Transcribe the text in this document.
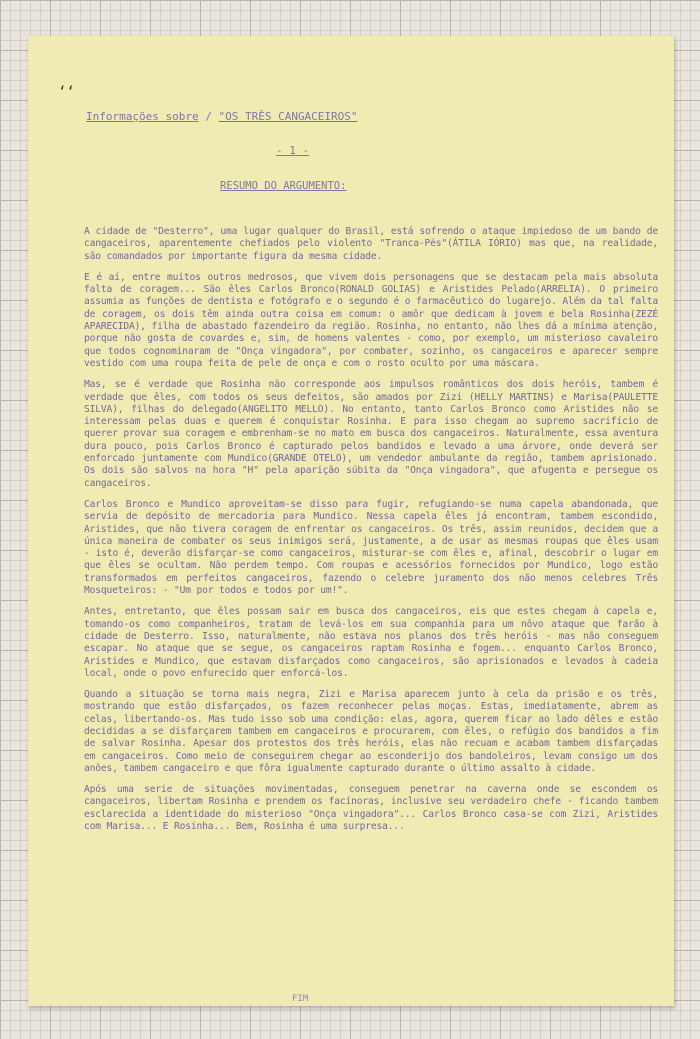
ʻʻ
Informações sobre / "OS TRÊS CANGACEIROS"
- 1 -
RESUMO DO ARGUMENTO:

A cidade de "Desterro", uma lugar qualquer do Brasil, está sofrendo o ataque impiedoso de um bando de cangaceiros, aparentemente chefiados pelo violento "Tranca-Pés"(ÁTILA IÓRIO) mas que, na realidade, são comandados por importante figura da mesma cidade.

E é aí, entre muitos outros medrosos, que vivem dois personagens que se destacam pela mais absoluta falta de coragem... São êles Carlos Bronco(RONALD GOLIAS) e Aristides Pelado(ARRELIA). O primeiro assumia as funções de dentista e fotógrafo e o segundo é o farmacêutico do lugarejo. Além da tal falta de coragem, os dois têm ainda outra coisa em comum: o amôr que dedicam à jovem e bela Rosinha(ZEZÉ APARECIDA), filha de abastado fazendeiro da região. Rosinha, no entanto, não lhes dá a mínima atenção, porque não gosta de covardes e, sim, de homens valentes - como, por exemplo, um misterioso cavaleiro que todos cognominaram de "Onça vingadora", por combater, sozinho, os cangaceiros e aparecer sempre vestido com uma roupa feita de pele de onça e com o rosto oculto por uma máscara.

Mas, se é verdade que Rosinha não corresponde aos impulsos românticos dos dois heróis, tambem é verdade que êles, com todos os seus defeitos, são amados por Zizi (HELLY MARTINS) e Marisa(PAULETTE SILVA), filhas do delegado(ANGELITO MELLO). No entanto, tanto Carlos Bronco como Aristides não se interessam pelas duas e querem é conquistar Rosinha. E para isso chegam ao supremo sacrifício de querer provar sua coragem e embrenham-se no mato em busca dos cangaceiros. Naturalmente, essa aventura dura pouco, pois Carlos Bronco é capturado pelos bandidos e levado a uma árvore, onde deverá ser enforcado juntamente com Mundico(GRANDE OTELO), um vendedor ambulante da região, tambem aprisionado. Os dois são salvos na hora "H" pela aparição súbita da "Onça vingadora", que afugenta e persegue os cangaceiros.

Carlos Bronco e Mundico aproveitam-se disso para fugir, refugiando-se numa capela abandonada, que servia de depósito de mercadoria para Mundico. Nessa capela êles já encontram, tambem escondido, Aristides, que não tivera coragem de enfrentar os cangaceiros. Os três, assim reunidos, decidem que a única maneira de combater os seus inimigos será, justamente, a de usar as mesmas roupas que êles usam - isto é, deverão disfarçar-se como cangaceiros, misturar-se com êles e, afinal, descobrir o lugar em que êles se ocultam. Não perdem tempo. Com roupas e acessórios fornecidos por Mundico, logo estão transformados em perfeitos cangaceiros, fazendo o celebre juramento dos não menos celebres Três Mosqueteiros: - "Um por todos e todos por um!".

Antes, entretanto, que êles possam sair em busca dos cangaceiros, eis que estes chegam à capela e, tomando-os como companheiros, tratam de levá-los em sua companhia para um nôvo ataque que farão à cidade de Desterro. Isso, naturalmente, não estava nos planos dos três heróis - mas não conseguem escapar. No ataque que se segue, os cangaceiros raptam Rosinha e fogem... enquanto Carlos Bronco, Aristides e Mundico, que estavam disfarçados como cangaceiros, são aprisionados e levados à cadeia local, onde o povo enfurecido quer enforcá-los.

Quando a situação se torna mais negra, Zizi e Marisa aparecem junto à cela da prisão e os três, mostrando que estão disfarçados, os fazem reconhecer pelas moças. Estas, imediatamente, abrem as celas, libertando-os. Mas tudo isso sob uma condição: elas, agora, querem ficar ao lado dêles e estão decididas a se disfarçarem tambem em cangaceiros e procurarem, com êles, o refúgio dos bandidos a fim de salvar Rosinha. Apesar dos protestos dos três heróis, elas não recuam e acabam tambem disfarçadas em cangaceiros. Como meio de conseguirem chegar ao esconderijo dos bandoleiros, levam consigo um dos anões, tambem cangaceiro e que fôra igualmente capturado durante o último assalto à cidade.

Após uma serie de situações movimentadas, conseguem penetrar na caverna onde se escondem os cangaceiros, libertam Rosinha e prendem os facínoras, inclusive seu verdadeiro chefe - ficando tambem esclarecida a identidade do misterioso "Onça vingadora"... Carlos Bronco casa-se com Zizi, Aristides com Marisa... E Rosinha... Bem, Rosinha é uma surpresa...

FIM
